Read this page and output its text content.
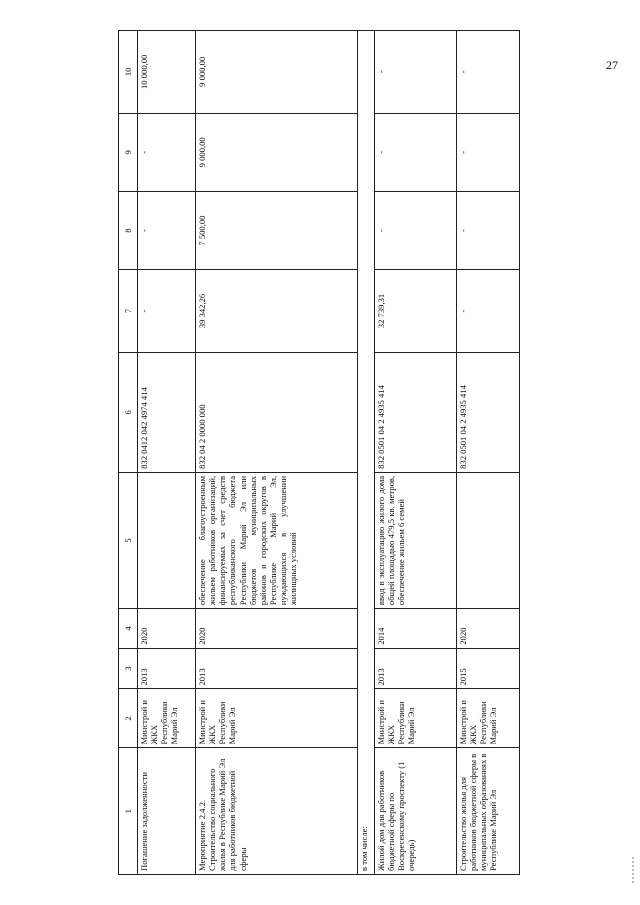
27
1	2	3	4	5	6	7	8	9	10
Погашение задолженности	Минстрой и ЖКХ Республики Марий Эл	2013	2020		832 0412 042 4974 414	-	-	-	10 000,00
Мероприятие 2.4.2. Строительство социального жилья в Республике Марий Эл для работников бюджетной сферы	Минстрой и ЖКХ Республики Марий Эл	2013	2020	обеспечение благоустроенным жильем работников организаций, финансируемых за счет средств республиканского бюджета Республики Марий Эл или бюджетов муниципальных районов и городских округов в Республике Марий Эл, нуждающихся в улучшении жилищных условий	832 04 2 0000 000	39 342,26	7 500,00	9 000,00	9 000,00
в том числе:									
Жилой дом для работников бюджетной сферы по Воскресенскому проспекту (1 очередь)	Минстрой и ЖКХ Республики Марий Эл	2013	2014	ввод в эксплуатацию жилого дома общей площадью 479,5 кв. метров, обеспечение жильем 6 семей	832 0501 04 2 4935 414	32 739,31	-	-	-
Строительство жилья для работников бюджетной сферы в муниципальных образованиях в Республике Марий Эл	Минстрой и ЖКХ Республики Марий Эл	2015	2020		832 0501 04 2 4935 414	-	-	-	-
